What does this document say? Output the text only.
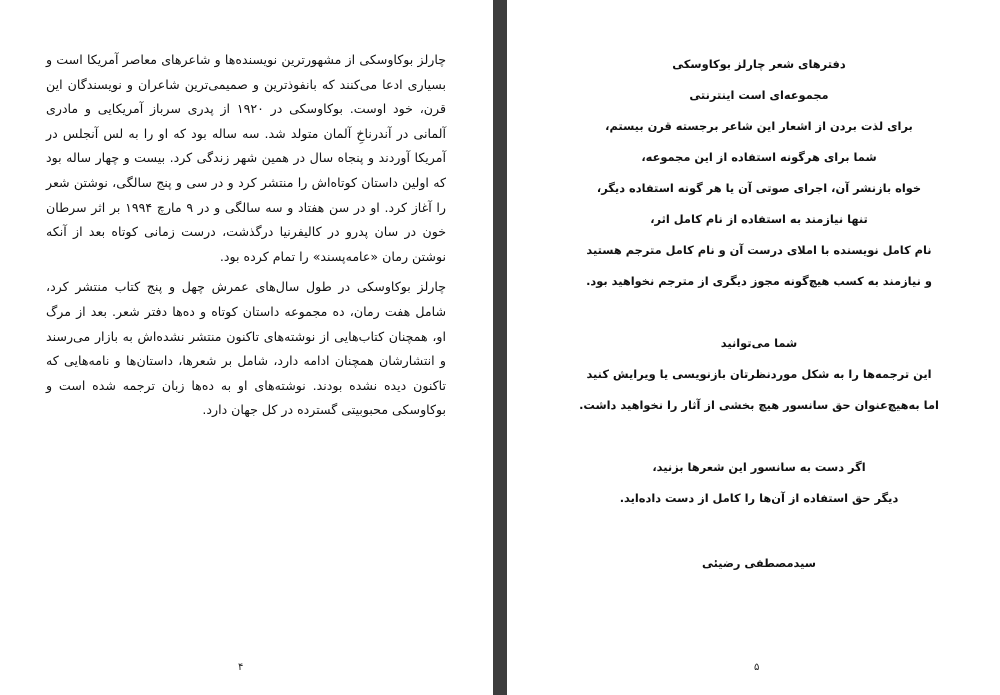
چارلز بوکاوسکی از مشهورترین نویسنده‌ها و شاعرهای معاصر آمریکا است و بسیاری ادعا می‌کنند که بانفوذترین و صمیمی‌ترین شاعران و نویسندگان این قرن، خود اوست. بوکاوسکی در ۱۹۲۰ از پدری سرباز آمریکایی و مادری آلمانی در آندرناخِ آلمان متولد شد. سه ساله بود که او را به لس آنجلس در آمریکا آوردند و پنجاه سال در همین شهر زندگی کرد. بیست و چهار ساله بود که اولین داستان کوتاه‌اش را منتشر کرد و در سی و پنج سالگی، نوشتن شعر را آغاز کرد. او در سن هفتاد و سه سالگی و در ۹ مارچ ۱۹۹۴ بر اثر سرطان خون در سان پدرو در کالیفرنیا درگذشت، درست زمانی کوتاه بعد از آنکه نوشتن رمان «عامه‌پسند» را تمام کرده بود.

چارلز بوکاوسکی در طول سال‌های عمرش چهل و پنج کتاب منتشر کرد، شامل هفت رمان، ده مجموعه داستان کوتاه و ده‌ها دفتر شعر. بعد از مرگ او، همچنان کتاب‌هایی از نوشته‌های تاکنون منتشر نشده‌اش به بازار می‌رسند و انتشارشان همچنان ادامه دارد، شامل بر شعرها، داستان‌ها و نامه‌هایی که تاکنون دیده نشده بودند. نوشته‌های او به ده‌ها زبان ترجمه شده است و بوکاوسکی محبوبیتی گسترده در کل جهان دارد.

۴
دفترهای شعر چارلز بوکاوسکی
مجموعه‌ای است اینترنتی
برای لذت بردن از اشعار این شاعر برجسته قرن بیستم،
شما برای هرگونه استفاده از این مجموعه،
خواه بازنشر آن، اجرای صوتی آن یا هر گونه استفاده دیگر،
تنها نیازمند به استفاده از نام کامل اثر،
نام کامل نویسنده با املای درست آن و نام کامل مترجم هستید
و نیازمند به کسب هیچ‌گونه مجوز دیگری از مترجم نخواهید بود.
شما می‌توانید
این ترجمه‌ها را به شکل موردنظرتان بازنویسی یا ویرایش کنید
اما به‌هیچ‌عنوان حق سانسور هیچ بخشی از آثار را نخواهید داشت.
اگر دست به سانسور این شعرها بزنید،
دیگر حق استفاده از آن‌ها را کامل از دست داده‌اید.
سیدمصطفی رضیئی
۵
